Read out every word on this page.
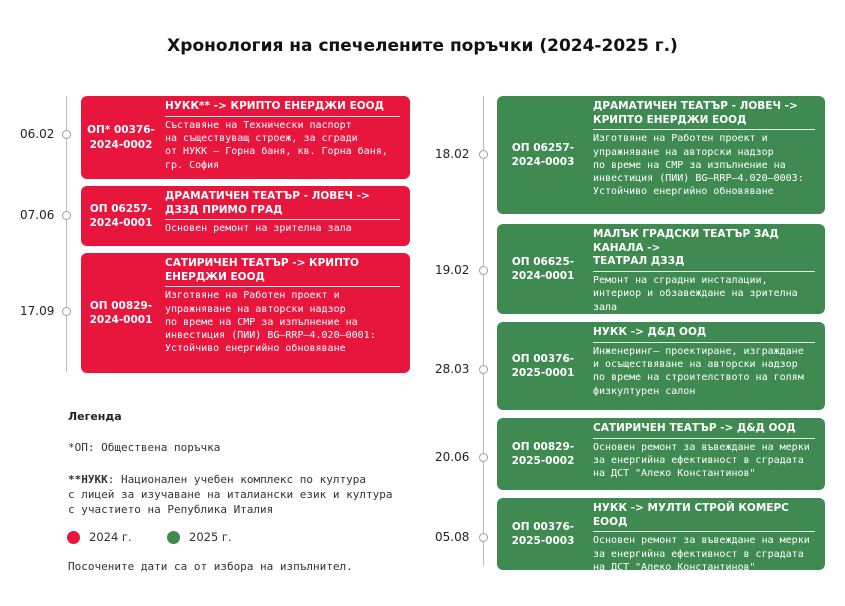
Хронология на спечелените поръчки (2024-2025 г.)
06.02	ОП* 00376-
2024-0002
НУКК** -> КРИПТО ЕНЕРДЖИ ЕООД
Съставяне на Технически паспорт
на съществуващ строеж, за сгради
от НУКК – Горна баня, кв. Горна баня,
гр. София
07.06	ОП 06257-
2024-0001
ДРАМАТИЧЕН ТЕАТЪР - ЛОВЕЧ ->
ДЗЗД ПРИМО ГРАД
Основен ремонт на зрителна зала
17.09	ОП 00829-
2024-0001
САТИРИЧЕН ТЕАТЪР -> КРИПТО
ЕНЕРДЖИ ЕООД
Изготвяне на Работен проект и
упражняване на авторски надзор
по време на СМР за изпълнение на
инвестиция (ПИИ) BG—RRP—4.020—0001:
Устойчиво енергийно обновяване
18.02	ОП 06257-
2024-0003
ДРАМАТИЧЕН ТЕАТЪР - ЛОВЕЧ ->
КРИПТО ЕНЕРДЖИ ЕООД
Изготвяне на Работен проект и
упражняване на авторски надзор
по време на СМР за изпълнение на
инвестиция (ПИИ) BG—RRP—4.020—0003:
Устойчиво енергийно обновяване
19.02
ОП 06625-
2024-0001
МАЛЪК ГРАДСКИ ТЕАТЪР ЗАД КАНАЛА ->
ТЕАТРАЛ ДЗЗД
Ремонт на сградни инсталации,
интериор и обзавеждане на зрителна
зала
28.03
ОП 00376-
2025-0001
НУКК -> Д&Д ООД
Инженеринг– проектиране, изграждане
и осъществяване на авторски надзор
по време на строителството на голям
физкултурен салон
20.06
ОП 00829-
2025-0002
САТИРИЧЕН ТЕАТЪР -> Д&Д ООД
Основен ремонт за въвеждане на мерки
за енергийна ефективност в сградата
на ДСТ "Алеко Константинов"
05.08
ОП 00376-
2025-0003
НУКК -> МУЛТИ СТРОЙ КОМЕРС ЕООД
Основен ремонт за въвеждане на мерки
за енергийна ефективност в сградата
на ДСТ "Алеко Константинов"
Легенда
*ОП: Обществена поръчка
**НУКК: Национален учебен комплекс по култура
с лицей за изучаване на италиански език и култура
с участието на Република Италия
2024 г.	2025 г.
Посочените дати са от избора на изпълнител.
